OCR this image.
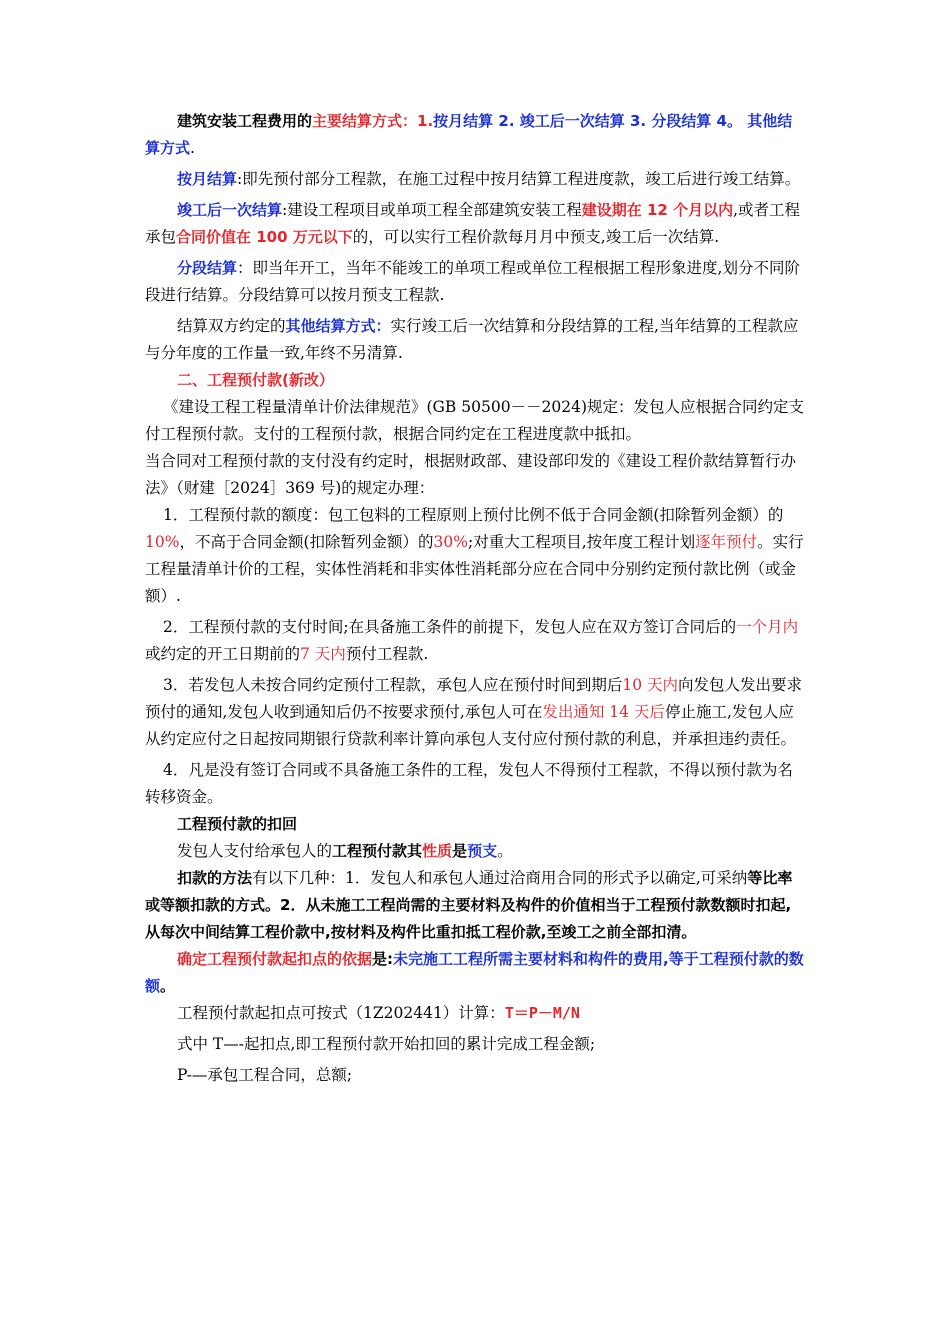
建筑安装工程费用的主要结算方式：1.按月结算 2. 竣工后一次结算 3. 分段结算 4。 其他结算方式.

按月结算:即先预付部分工程款，在施工过程中按月结算工程进度款，竣工后进行竣工结算。

竣工后一次结算:建设工程项目或单项工程全部建筑安装工程建设期在 12 个月以内,或者工程承包合同价值在 100 万元以下的，可以实行工程价款每月月中预支,竣工后一次结算.

分段结算：即当年开工，当年不能竣工的单项工程或单位工程根据工程形象进度,划分不同阶段进行结算。分段结算可以按月预支工程款.

结算双方约定的其他结算方式：实行竣工后一次结算和分段结算的工程,当年结算的工程款应与分年度的工作量一致,年终不另清算.

二、工程预付款(新改）

《建设工程工程量清单计价法律规范》(GB 50500－－2024)规定：发包人应根据合同约定支付工程预付款。支付的工程预付款，根据合同约定在工程进度款中抵扣。

当合同对工程预付款的支付没有约定时，根据财政部、建设部印发的《建设工程价款结算暂行办法》（财建［2024］369 号)的规定办理：

1．工程预付款的额度：包工包料的工程原则上预付比例不低于合同金额(扣除暂列金额）的10%，不高于合同金额(扣除暂列金额）的30%;对重大工程项目,按年度工程计划逐年预付。实行工程量清单计价的工程，实体性消耗和非实体性消耗部分应在合同中分别约定预付款比例（或金额）.

2．工程预付款的支付时间;在具备施工条件的前提下，发包人应在双方签订合同后的一个月内或约定的开工日期前的7 天内预付工程款.

3．若发包人未按合同约定预付工程款，承包人应在预付时间到期后10 天内向发包人发出要求预付的通知,发包人收到通知后仍不按要求预付,承包人可在发出通知 14 天后停止施工,发包人应从约定应付之日起按同期银行贷款利率计算向承包人支付应付预付款的利息，并承担违约责任。

4．凡是没有签订合同或不具备施工条件的工程，发包人不得预付工程款，不得以预付款为名转移资金。

工程预付款的扣回

发包人支付给承包人的工程预付款其性质是预支。

扣款的方法有以下几种：1．发包人和承包人通过洽商用合同的形式予以确定,可采纳等比率或等额扣款的方式。2．从未施工工程尚需的主要材料及构件的价值相当于工程预付款数额时扣起,从每次中间结算工程价款中,按材料及构件比重扣抵工程价款,至竣工之前全部扣清。

确定工程预付款起扣点的依据是:未完施工工程所需主要材料和构件的费用,等于工程预付款的数额。

工程预付款起扣点可按式（1Z202441）计算：T＝P－M/N

式中 T—-起扣点,即工程预付款开始扣回的累计完成工程金额;

P-—承包工程合同，总额;
